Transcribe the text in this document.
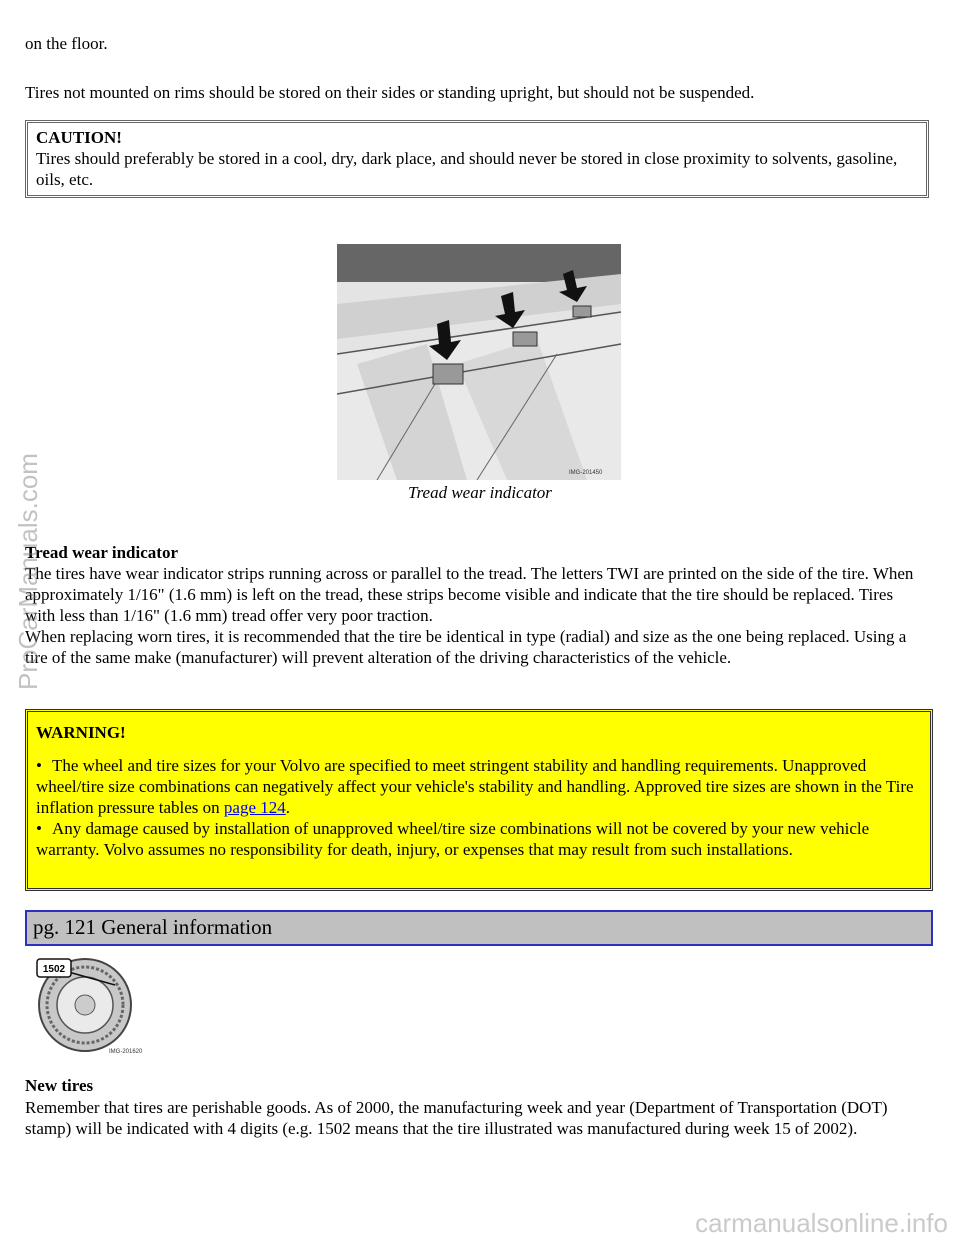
on the floor.

Tires not mounted on rims should be stored on their sides or standing upright, but should not be suspended.

CAUTION!
Tires should preferably be stored in a cool, dry, dark place, and should never be stored in close proximity to solvents, gasoline, oils, etc.
IMG-201450
Tread wear indicator
Tread wear indicator

The tires have wear indicator strips running across or parallel to the tread. The letters TWI are printed on the side of the tire. When approximately 1/16" (1.6 mm) is left on the tread, these strips become visible and indicate that the tire should be replaced. Tires with less than 1/16" (1.6 mm) tread offer very poor traction.

When replacing worn tires, it is recommended that the tire be identical in type (radial) and size as the one being replaced. Using a tire of the same make (manufacturer) will prevent alteration of the driving characteristics of the vehicle.

WARNING!
• The wheel and tire sizes for your Volvo are specified to meet stringent stability and handling requirements. Unapproved wheel/tire size combinations can negatively affect your vehicle's stability and handling. Approved tire sizes are shown in the Tire inflation pressure tables on page 124.
• Any damage caused by installation of unapproved wheel/tire size combinations will not be covered by your new vehicle warranty. Volvo assumes no responsibility for death, injury, or expenses that may result from such installations.
pg. 121 General information
1502
IMG-201620
New tires
Remember that tires are perishable goods. As of 2000, the manufacturing week and year (Department of Transportation (DOT) stamp) will be indicated with 4 digits (e.g. 1502 means that the tire illustrated was manufactured during week 15 of 2002).
ProCarManuals.com
carmanualsonline.info
